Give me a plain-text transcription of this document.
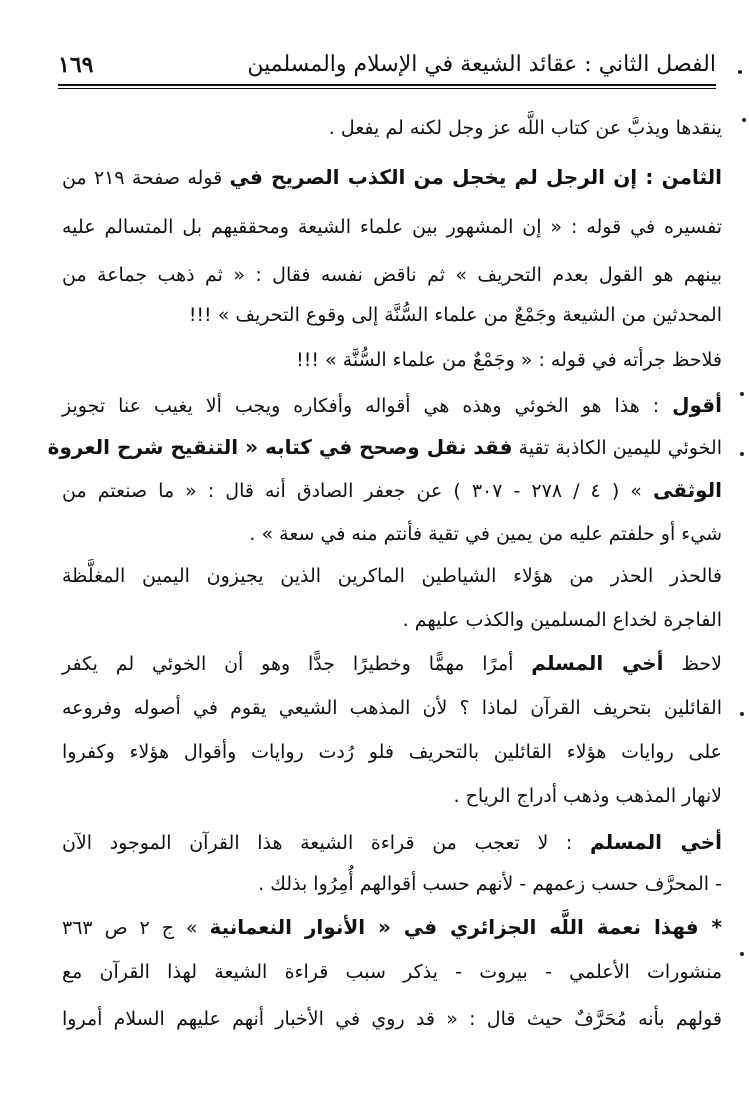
الفصل الثاني : عقائد الشيعة في الإسلام والمسلمين
١٦٩
ينقدها ويذبَّ عن كتاب اللَّه عز وجل لكنه لم يفعل .
الثامن : إن الرجل لم يخجل من الكذب الصريح في قوله صفحة ٢١٩ من
تفسيره في قوله : « إن المشهور بين علماء الشيعة ومحققيهم بل المتسالم عليه
بينهم هو القول بعدم التحريف » ثم ناقض نفسه فقال : « ثم ذهب جماعة من
المحدثين من الشيعة وجَمْعٌ من علماء السُّنَّة إلى وقوع التحريف » !!!
فلاحظ جرأته في قوله : « وجَمْعٌ من علماء السُّنَّة » !!!
أقول : هذا هو الخوئي وهذه هي أقواله وأفكاره ويجب ألا يغيب عنا تجويز
الخوئي لليمين الكاذبة تقية فقد نقل وصحح في كتابه « التنقيح شرح العروة
الوثقى » ( ٤ / ٢٧٨ - ٣٠٧ ) عن جعفر الصادق أنه قال : « ما صنعتم من
شيء أو حلفتم عليه من يمين في تقية فأنتم منه في سعة » .
فالحذر الحذر من هؤلاء الشياطين الماكرين الذين يجيزون اليمين المغلَّظة
الفاجرة لخداع المسلمين والكذب عليهم .
لاحظ أخي المسلم أمرًا مهمًّا وخطيرًا جدًّا وهو أن الخوئي لم يكفر
القائلين بتحريف القرآن لماذا ؟ لأن المذهب الشيعي يقوم في أصوله وفروعه
على روايات هؤلاء القائلين بالتحريف فلو رُدت روايات وأقوال هؤلاء وكفروا
لانهار المذهب وذهب أدراج الرياح .
أخي المسلم : لا تعجب من قراءة الشيعة هذا القرآن الموجود الآن
- المحرَّف حسب زعمهم - لأنهم حسب أقوالهم أُمِرُوا بذلك .
* فهذا نعمة اللَّه الجزائري في « الأنوار النعمانية » ج ٢ ص ٣٦٣
منشورات الأعلمي - بيروت - يذكر سبب قراءة الشيعة لهذا القرآن مع
قولهم بأنه مُحَرَّفٌ حيث قال : « قد روي في الأخبار أنهم عليهم السلام أمروا
